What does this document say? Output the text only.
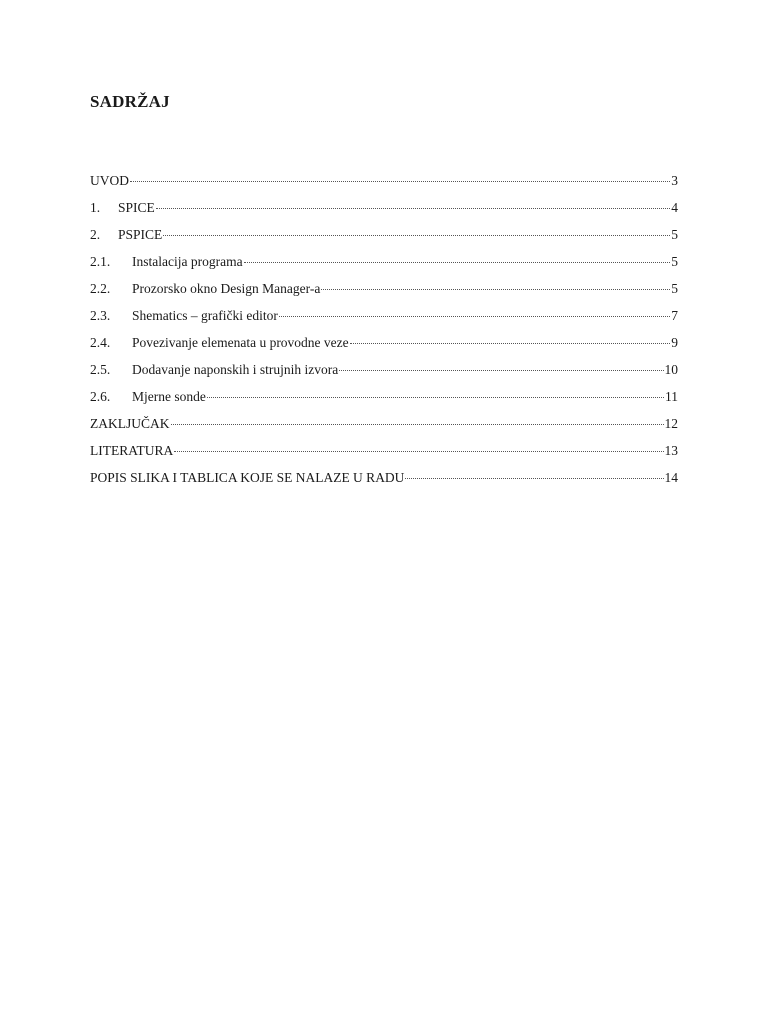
SADRŽAJ
UVOD	3
1.	SPICE	4
2.	PSPICE	5
2.1.	Instalacija programa	5
2.2.	Prozorsko okno Design Manager-a	5
2.3.	Shematics – grafički editor	7
2.4.	Povezivanje elemenata u provodne veze	9
2.5.	Dodavanje naponskih i strujnih izvora	10
2.6.	Mjerne sonde	11
ZAKLJUČAK	12
LITERATURA	13
POPIS SLIKA I TABLICA KOJE SE NALAZE U RADU	14
